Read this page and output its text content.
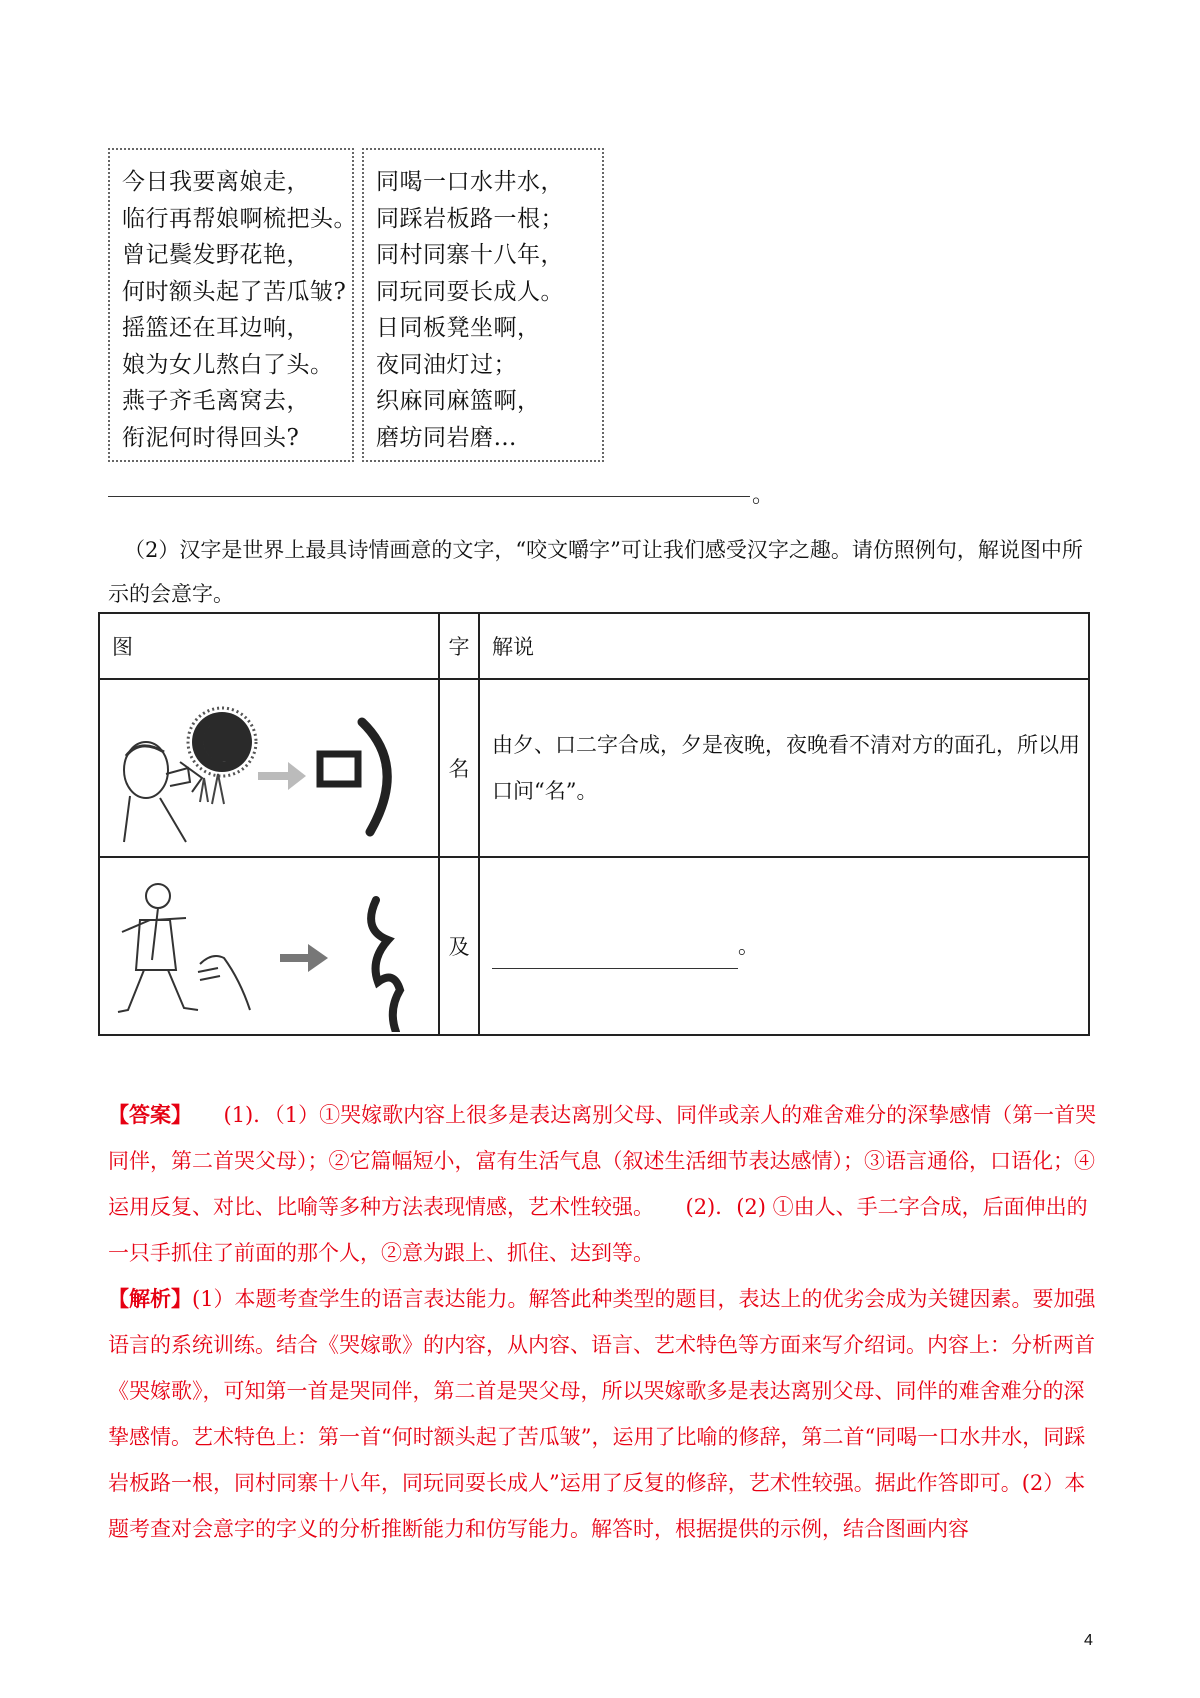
今日我要离娘走，
临行再帮娘啊梳把头。
曾记鬓发野花艳，
何时额头起了苦瓜皱?
摇篮还在耳边响，
娘为女儿熬白了头。
燕子齐毛离窝去，
衔泥何时得回头?
同喝一口水井水，
同踩岩板路一根；
同村同寨十八年，
同玩同耍长成人。
日同板凳坐啊，
夜同油灯过；
织麻同麻篮啊，
磨坊同岩磨…
。
（2）汉字是世界上最具诗情画意的文字，“咬文嚼字”可让我们感受汉字之趣。请仿照例句，解说图中所示的会意字。
图	字	解说

	名	由夕、口二字合成，夕是夜晚，夜晚看不清对方的面孔，所以用口问“名”。

	及	。
【答案】　　(1)．（1）①哭嫁歌内容上很多是表达离别父母、同伴或亲人的难舍难分的深挚感情（第一首哭同伴，第二首哭父母）；②它篇幅短小，富有生活气息（叙述生活细节表达感情）；③语言通俗，口语化；④运用反复、对比、比喻等多种方法表现情感，艺术性较强。　　(2)．(2) ①由人、手二字合成，后面伸出的一只手抓住了前面的那个人，②意为跟上、抓住、达到等。
【解析】(1）本题考查学生的语言表达能力。解答此种类型的题目，表达上的优劣会成为关键因素。要加强语言的系统训练。结合《哭嫁歌》的内容，从内容、语言、艺术特色等方面来写介绍词。内容上：分析两首《哭嫁歌》，可知第一首是哭同伴，第二首是哭父母，所以哭嫁歌多是表达离别父母、同伴的难舍难分的深挚感情。艺术特色上：第一首“何时额头起了苦瓜皱”，运用了比喻的修辞，第二首“同喝一口水井水，同踩岩板路一根，同村同寨十八年，同玩同耍长成人”运用了反复的修辞，艺术性较强。据此作答即可。(2）本题考查对会意字的字义的分析推断能力和仿写能力。解答时，根据提供的示例，结合图画内容
4
